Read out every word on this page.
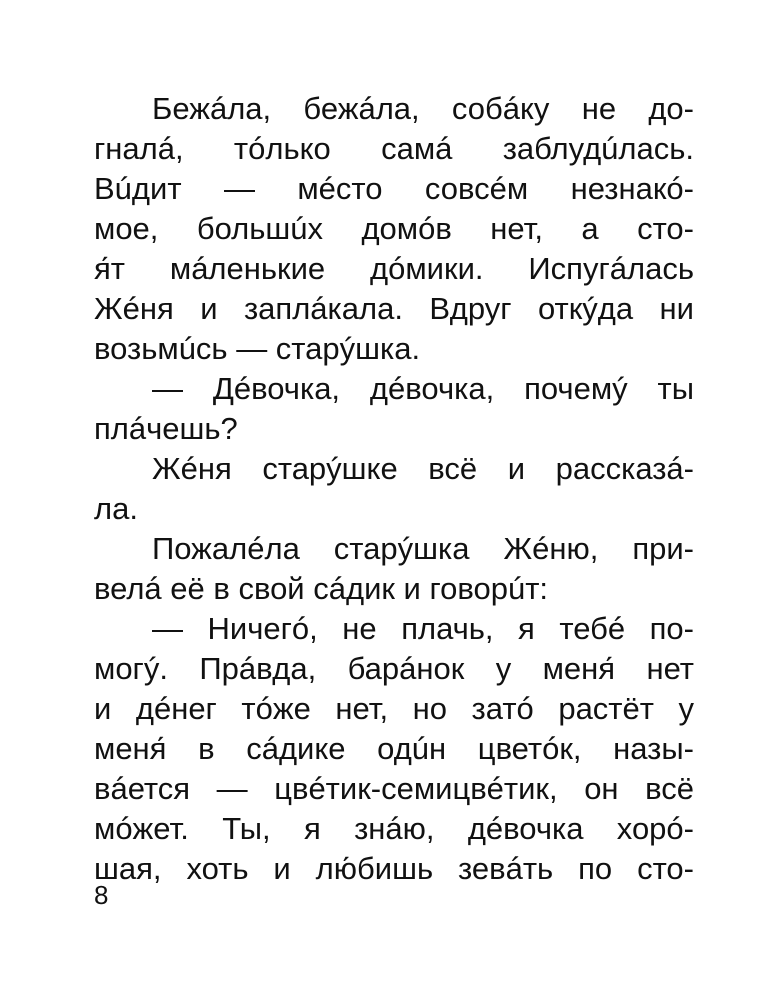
Бежáла, бежáла, собáку не до-
гналá, тóлько самá заблудúлась.
Вúдит — мéсто совсéм незнакó-
мое, большúх домóв нет, а сто-
я́т мáленькие дóмики. Испугáлась
Жéня и заплáкала. Вдруг откýда ни
возьмúсь — старýшка.
— Дéвочка, дéвочка, почемý ты
плáчешь?
Жéня старýшке всё и рассказá-
ла.
Пожалéла старýшка Жéню, при-
велá её в свой сáдик и говорúт:
— Ничегó, не плачь, я тебé по-
могý. Прáвда, барáнок у меня́ нет
и дéнег тóже нет, но затó растёт у
меня́ в сáдике одúн цветóк, назы-
вáется — цвéтик-семицвéтик, он всё
мóжет. Ты, я знáю, дéвочка хорó-
шая, хоть и лю́бишь зевáть по сто-
8
